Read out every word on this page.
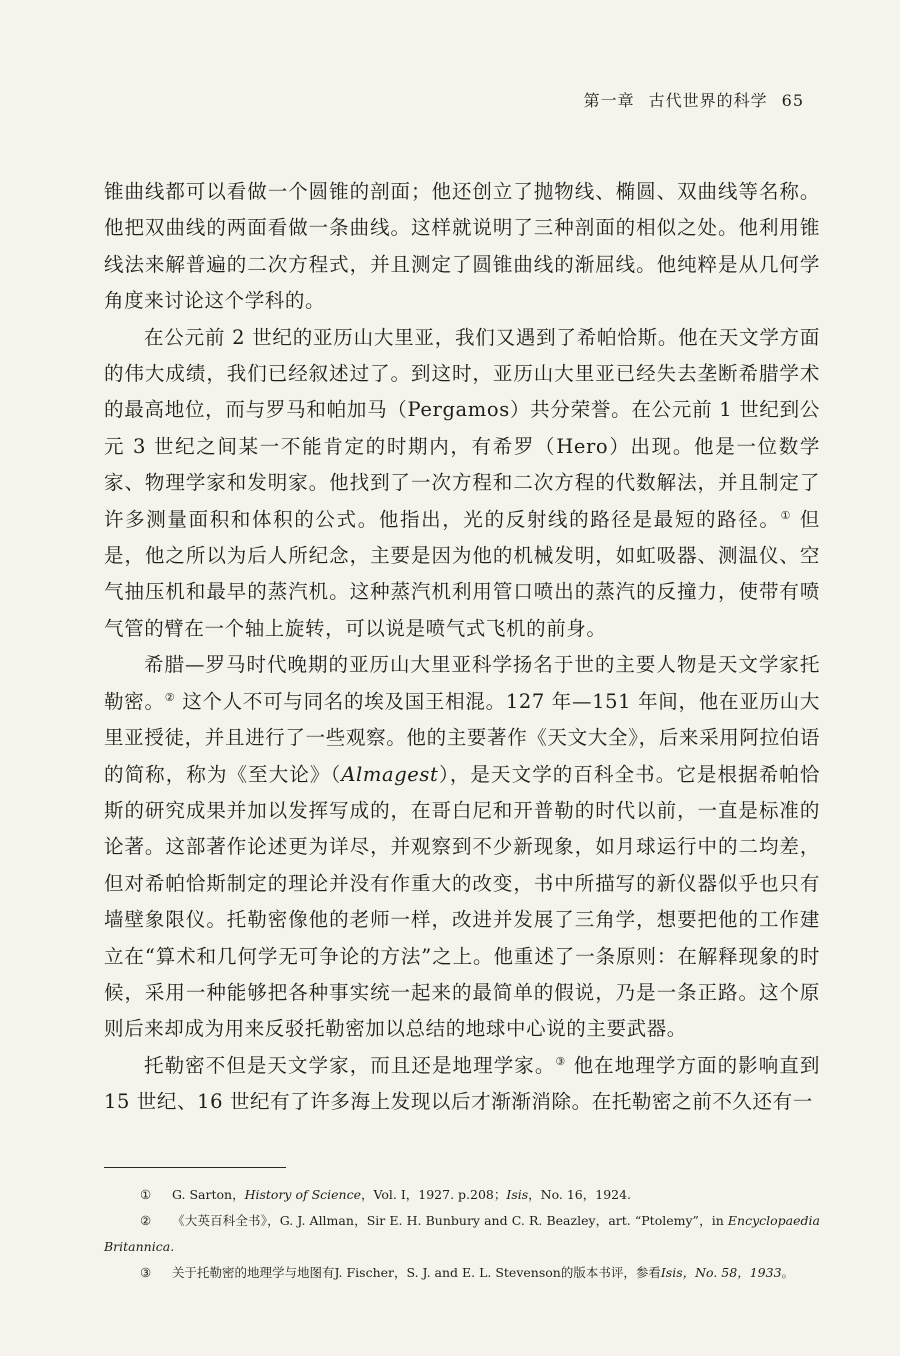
第一章 古代世界的科学 65

锥曲线都可以看做一个圆锥的剖面；他还创立了抛物线、椭圆、双曲线等名称。他把双曲线的两面看做一条曲线。这样就说明了三种剖面的相似之处。他利用锥线法来解普遍的二次方程式，并且测定了圆锥曲线的渐屈线。他纯粹是从几何学角度来讨论这个学科的。

在公元前 2 世纪的亚历山大里亚，我们又遇到了希帕恰斯。他在天文学方面的伟大成绩，我们已经叙述过了。到这时，亚历山大里亚已经失去垄断希腊学术的最高地位，而与罗马和帕加马（Pergamos）共分荣誉。在公元前 1 世纪到公元 3 世纪之间某一不能肯定的时期内，有希罗（Hero）出现。他是一位数学家、物理学家和发明家。他找到了一次方程和二次方程的代数解法，并且制定了许多测量面积和体积的公式。他指出，光的反射线的路径是最短的路径。① 但是，他之所以为后人所纪念，主要是因为他的机械发明，如虹吸器、测温仪、空气抽压机和最早的蒸汽机。这种蒸汽机利用管口喷出的蒸汽的反撞力，使带有喷气管的臂在一个轴上旋转，可以说是喷气式飞机的前身。

希腊—罗马时代晚期的亚历山大里亚科学扬名于世的主要人物是天文学家托勒密。② 这个人不可与同名的埃及国王相混。127 年—151 年间，他在亚历山大里亚授徒，并且进行了一些观察。他的主要著作《天文大全》，后来采用阿拉伯语的简称，称为《至大论》（Almagest），是天文学的百科全书。它是根据希帕恰斯的研究成果并加以发挥写成的，在哥白尼和开普勒的时代以前，一直是标准的论著。这部著作论述更为详尽，并观察到不少新现象，如月球运行中的二均差，但对希帕恰斯制定的理论并没有作重大的改变，书中所描写的新仪器似乎也只有墙壁象限仪。托勒密像他的老师一样，改进并发展了三角学，想要把他的工作建立在“算术和几何学无可争论的方法”之上。他重述了一条原则：在解释现象的时候，采用一种能够把各种事实统一起来的最简单的假说，乃是一条正路。这个原则后来却成为用来反驳托勒密加以总结的地球中心说的主要武器。

托勒密不但是天文学家，而且还是地理学家。③ 他在地理学方面的影响直到 15 世纪、16 世纪有了许多海上发现以后才渐渐消除。在托勒密之前不久还有一

① G. Sarton，History of Science，Vol. Ⅰ，1927. p.208；Isis，No. 16，1924.

② 《大英百科全书》，G. J. Allman，Sir E. H. Bunbury and C. R. Beazley，art. “Ptolemy”，in Encyclopaedia Britannica.

③ 关于托勒密的地理学与地图有J. Fischer，S. J. and E. L. Stevenson的版本书评，参看Isis，No. 58，1933。
